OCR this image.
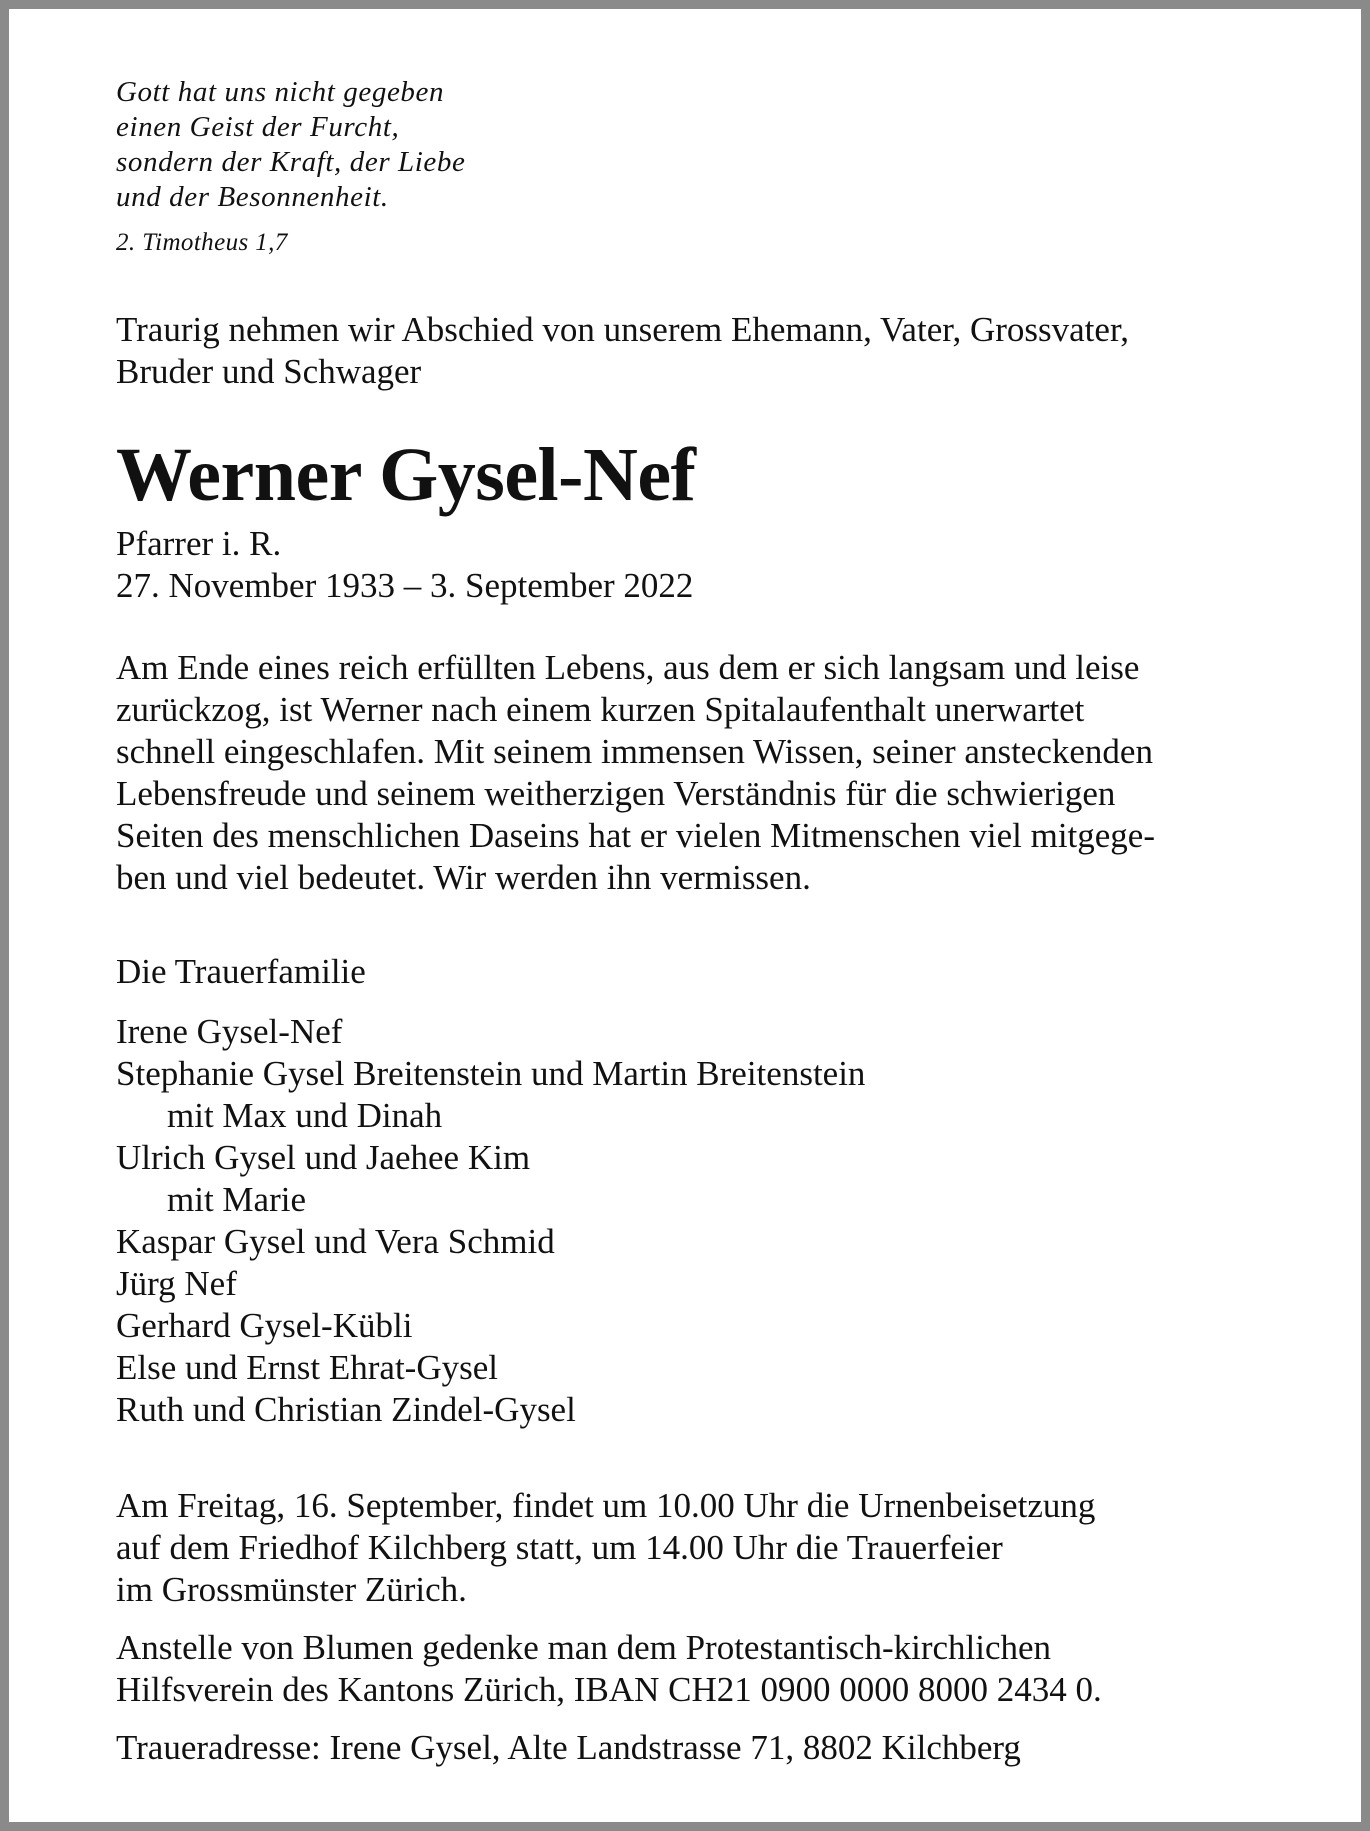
Gott hat uns nicht gegeben
einen Geist der Furcht,
sondern der Kraft, der Liebe
und der Besonnenheit.
2. Timotheus 1,7
Traurig nehmen wir Abschied von unserem Ehemann, Vater, Grossvater,
Bruder und Schwager
Werner Gysel-Nef
Pfarrer i. R.
27. November 1933 – 3. September 2022
Am Ende eines reich erfüllten Lebens, aus dem er sich langsam und leise
zurückzog, ist Werner nach einem kurzen Spitalaufenthalt unerwartet
schnell eingeschlafen. Mit seinem immensen Wissen, seiner ansteckenden
Lebensfreude und seinem weitherzigen Verständnis für die schwierigen
Seiten des menschlichen Daseins hat er vielen Mitmenschen viel mitgege-
ben und viel bedeutet. Wir werden ihn vermissen.
Die Trauerfamilie
Irene Gysel-Nef
Stephanie Gysel Breitenstein und Martin Breitenstein
mit Max und Dinah
Ulrich Gysel und Jaehee Kim
mit Marie
Kaspar Gysel und Vera Schmid
Jürg Nef
Gerhard Gysel-Kübli
Else und Ernst Ehrat-Gysel
Ruth und Christian Zindel-Gysel
Am Freitag, 16. September, findet um 10.00 Uhr die Urnenbeisetzung
auf dem Friedhof Kilchberg statt, um 14.00 Uhr die Trauerfeier
im Grossmünster Zürich.
Anstelle von Blumen gedenke man dem Protestantisch-kirchlichen
Hilfsverein des Kantons Zürich, IBAN CH21 0900 0000 8000 2434 0.
Traueradresse: Irene Gysel, Alte Landstrasse 71, 8802 Kilchberg
